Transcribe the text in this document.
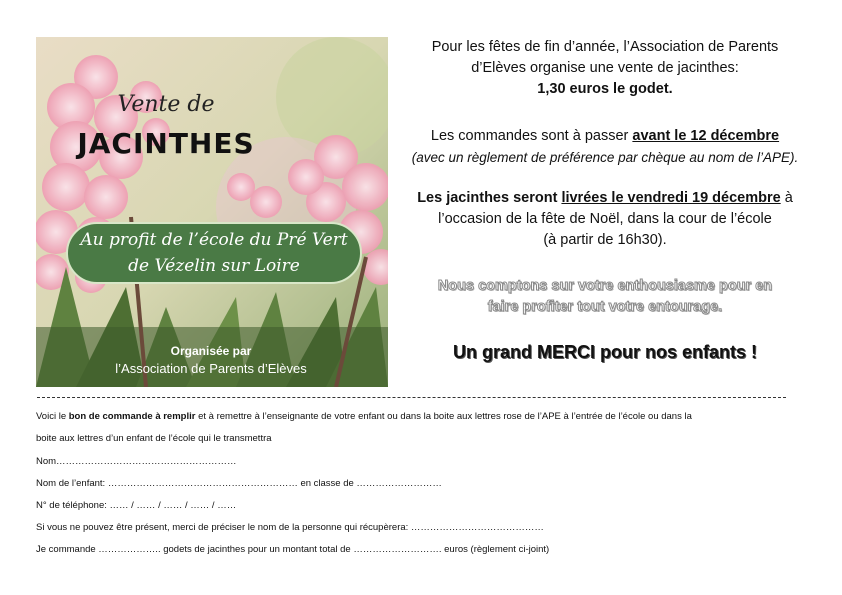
Vente de
JACINTHES
Au profit de l’école du Pré Vert
de Vézelin sur Loire
Organisée par
l’Association de Parents d’Elèves
Pour les fêtes de fin d’année, l’Association de Parents
d’Elèves organise une vente de jacinthes:
1,30 euros le godet.
Les commandes sont à passer avant le 12 décembre
(avec un règlement de préférence par chèque au nom de l’APE).
Les jacinthes seront livrées le vendredi 19 décembre à
l’occasion de la fête de Noël, dans la cour de l’école
(à partir de 16h30).
Nous comptons sur votre enthousiasme pour en
faire profiter tout votre entourage.
Un grand MERCI pour nos enfants !
Voici le bon de commande à remplir et à remettre à l’enseignante de votre enfant ou dans la boite aux lettres rose de l’APE à l’entrée de l’école ou dans la
boite aux lettres d’un enfant de l’école qui le transmettra
Nom…………………………………………………
Nom de l’enfant: …………………………………………………… en classe de ………………………
N° de téléphone: …… / …… / …… / …… / ……
Si vous ne pouvez être présent, merci de préciser le nom de la personne qui récupèrera: ……………………………………
Je commande ……………….. godets de jacinthes pour un montant total de ………………………. euros (règlement ci-joint)
